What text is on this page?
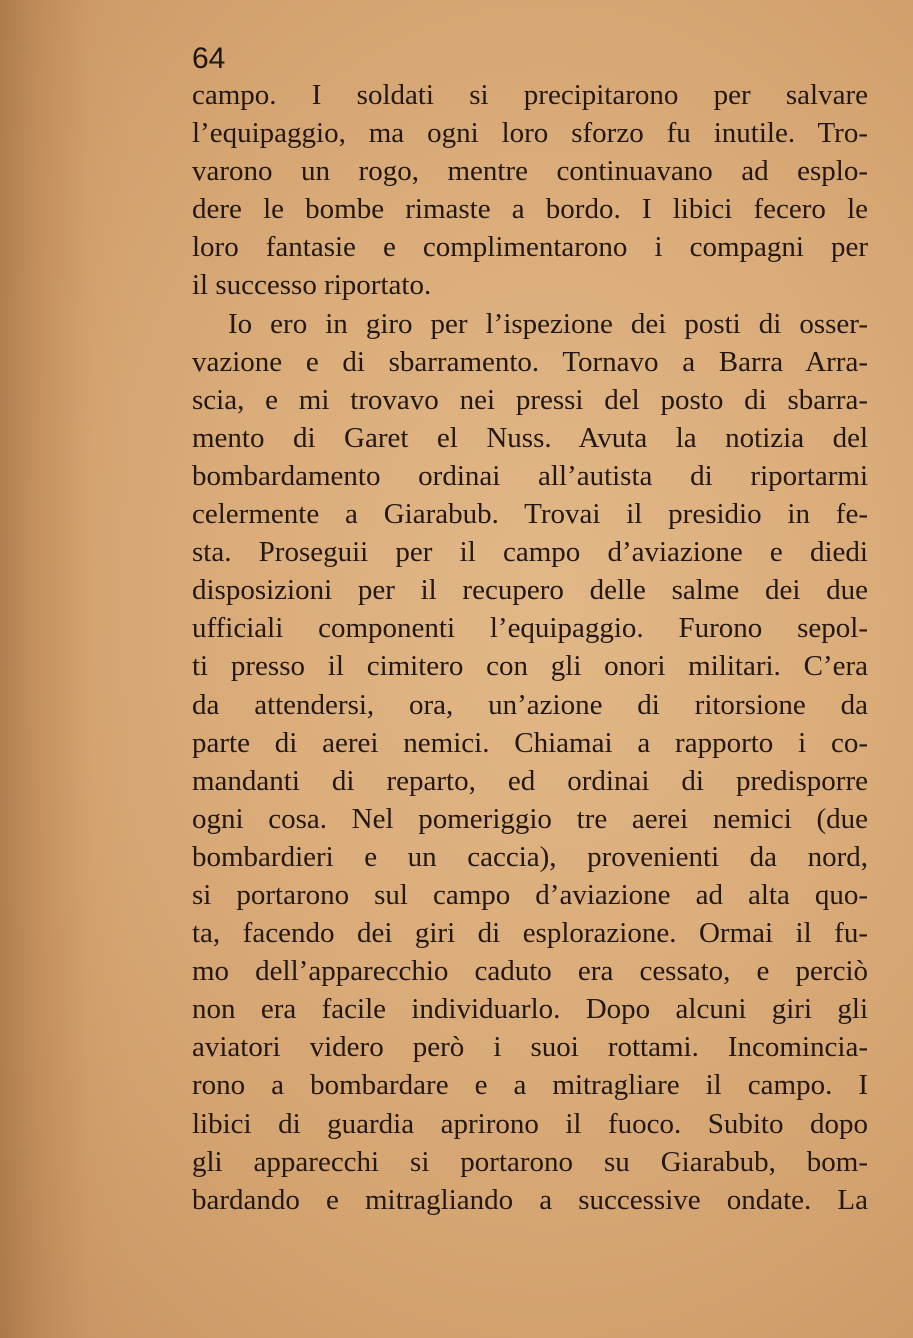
64
campo. I soldati si precipitarono per salvare
l’equipaggio, ma ogni loro sforzo fu inutile. Tro-
varono un rogo, mentre continuavano ad esplo-
dere le bombe rimaste a bordo. I libici fecero le
loro fantasie e complimentarono i compagni per
il successo riportato.
Io ero in giro per l’ispezione dei posti di osser-
vazione e di sbarramento. Tornavo a Barra Arra-
scia, e mi trovavo nei pressi del posto di sbarra-
mento di Garet el Nuss. Avuta la notizia del
bombardamento ordinai all’autista di riportarmi
celermente a Giarabub. Trovai il presidio in fe-
sta. Proseguii per il campo d’aviazione e diedi
disposizioni per il recupero delle salme dei due
ufficiali componenti l’equipaggio. Furono sepol-
ti presso il cimitero con gli onori militari. C’era
da attendersi, ora, un’azione di ritorsione da
parte di aerei nemici. Chiamai a rapporto i co-
mandanti di reparto, ed ordinai di predisporre
ogni cosa. Nel pomeriggio tre aerei nemici (due
bombardieri e un caccia), provenienti da nord,
si portarono sul campo d’aviazione ad alta quo-
ta, facendo dei giri di esplorazione. Ormai il fu-
mo dell’apparecchio caduto era cessato, e perciò
non era facile individuarlo. Dopo alcuni giri gli
aviatori videro però i suoi rottami. Incomincia-
rono a bombardare e a mitragliare il campo. I
libici di guardia aprirono il fuoco. Subito dopo
gli apparecchi si portarono su Giarabub, bom-
bardando e mitragliando a successive ondate. La
